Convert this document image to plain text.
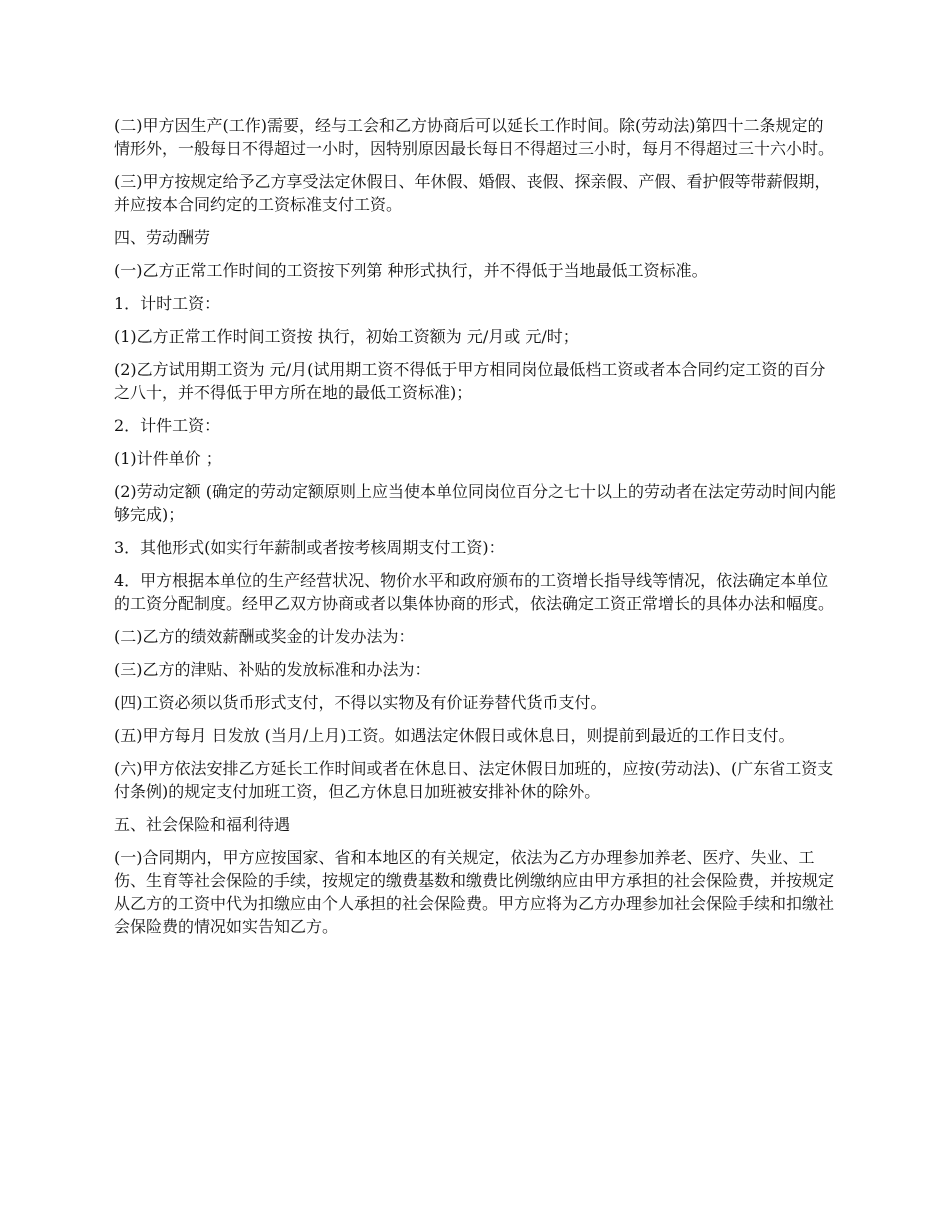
(二)甲方因生产(工作)需要，经与工会和乙方协商后可以延长工作时间。除(劳动法)第四十二条规定的情形外，一般每日不得超过一小时，因特别原因最长每日不得超过三小时，每月不得超过三十六小时。

(三)甲方按规定给予乙方享受法定休假日、年休假、婚假、丧假、探亲假、产假、看护假等带薪假期，并应按本合同约定的工资标准支付工资。

四、劳动酬劳

(一)乙方正常工作时间的工资按下列第 种形式执行，并不得低于当地最低工资标准。

1．计时工资：

(1)乙方正常工作时间工资按 执行，初始工资额为 元/月或 元/时；

(2)乙方试用期工资为 元/月(试用期工资不得低于甲方相同岗位最低档工资或者本合同约定工资的百分之八十，并不得低于甲方所在地的最低工资标准)；

2．计件工资：

(1)计件单价 ；

(2)劳动定额 (确定的劳动定额原则上应当使本单位同岗位百分之七十以上的劳动者在法定劳动时间内能够完成)；

3．其他形式(如实行年薪制或者按考核周期支付工资)：

4．甲方根据本单位的生产经营状况、物价水平和政府颁布的工资增长指导线等情况，依法确定本单位的工资分配制度。经甲乙双方协商或者以集体协商的形式，依法确定工资正常增长的具体办法和幅度。

(二)乙方的绩效薪酬或奖金的计发办法为：

(三)乙方的津贴、补贴的发放标准和办法为：

(四)工资必须以货币形式支付，不得以实物及有价证券替代货币支付。

(五)甲方每月 日发放 (当月/上月)工资。如遇法定休假日或休息日，则提前到最近的工作日支付。

(六)甲方依法安排乙方延长工作时间或者在休息日、法定休假日加班的，应按(劳动法)、(广东省工资支付条例)的规定支付加班工资，但乙方休息日加班被安排补休的除外。

五、社会保险和福利待遇

(一)合同期内，甲方应按国家、省和本地区的有关规定，依法为乙方办理参加养老、医疗、失业、工伤、生育等社会保险的手续，按规定的缴费基数和缴费比例缴纳应由甲方承担的社会保险费，并按规定从乙方的工资中代为扣缴应由个人承担的社会保险费。甲方应将为乙方办理参加社会保险手续和扣缴社会保险费的情况如实告知乙方。
